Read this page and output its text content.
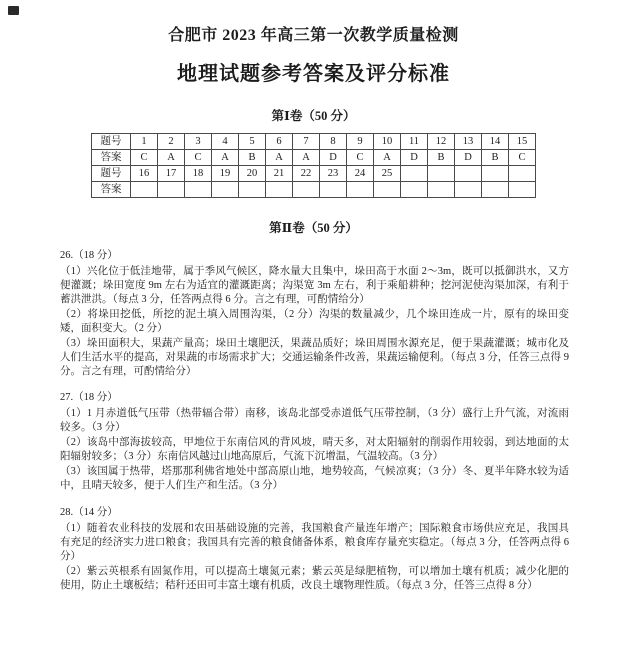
合肥市 2023 年高三第一次教学质量检测
地理试题参考答案及评分标准
第Ⅰ卷（50 分）
题号	1	2	3	4	5	6	7	8	9	10	11	12	13	14	15
答案	C	A	C	A	B	A	A	D	C	A	D	B	D	B	C
题号	16	17	18	19	20	21	22	23	24	25					
答案															
第Ⅱ卷（50 分）
26.（18 分）

（1）兴化位于低洼地带，属于季风气候区，降水量大且集中，垛田高于水面 2～3m，既可以抵御洪水，又方便灌溉；垛田宽度 9m 左右为适宜的灌溉距离；沟渠宽 3m 左右，利于乘船耕种；挖河泥使沟渠加深，有利于蓄洪泄洪。（每点 3 分，任答两点得 6 分。言之有理，可酌情给分）

（2）将垛田挖低，所挖的泥土填入周围沟渠，（2 分）沟渠的数量减少，几个垛田连成一片，原有的垛田变矮，面积变大。（2 分）

（3）垛田面积大，果蔬产量高；垛田土壤肥沃，果蔬品质好；垛田周围水源充足，便于果蔬灌溉；城市化及人们生活水平的提高，对果蔬的市场需求扩大；交通运输条件改善，果蔬运输便利。（每点 3 分，任答三点得 9 分。言之有理，可酌情给分）

27.（18 分）

（1）1 月赤道低气压带（热带辐合带）南移，该岛北部受赤道低气压带控制，（3 分）盛行上升气流，对流雨较多。（3 分）

（2）该岛中部海拔较高，甲地位于东南信风的背风坡，晴天多，对太阳辐射的削弱作用较弱，到达地面的太阳辐射较多；（3 分）东南信风越过山地高原后，气流下沉增温，气温较高。（3 分）

（3）该国属于热带，塔那那利佛省地处中部高原山地，地势较高，气候凉爽；（3 分）冬、夏半年降水较为适中，且晴天较多，便于人们生产和生活。（3 分）

28.（14 分）

（1）随着农业科技的发展和农田基础设施的完善，我国粮食产量连年增产；国际粮食市场供应充足，我国具有充足的经济实力进口粮食；我国具有完善的粮食储备体系，粮食库存量充实稳定。（每点 3 分，任答两点得 6 分）

（2）紫云英根系有固氮作用，可以提高土壤氮元素；紫云英是绿肥植物，可以增加土壤有机质；减少化肥的使用，防止土壤板结；秸秆还田可丰富土壤有机质，改良土壤物理性质。（每点 3 分，任答三点得 8 分）
